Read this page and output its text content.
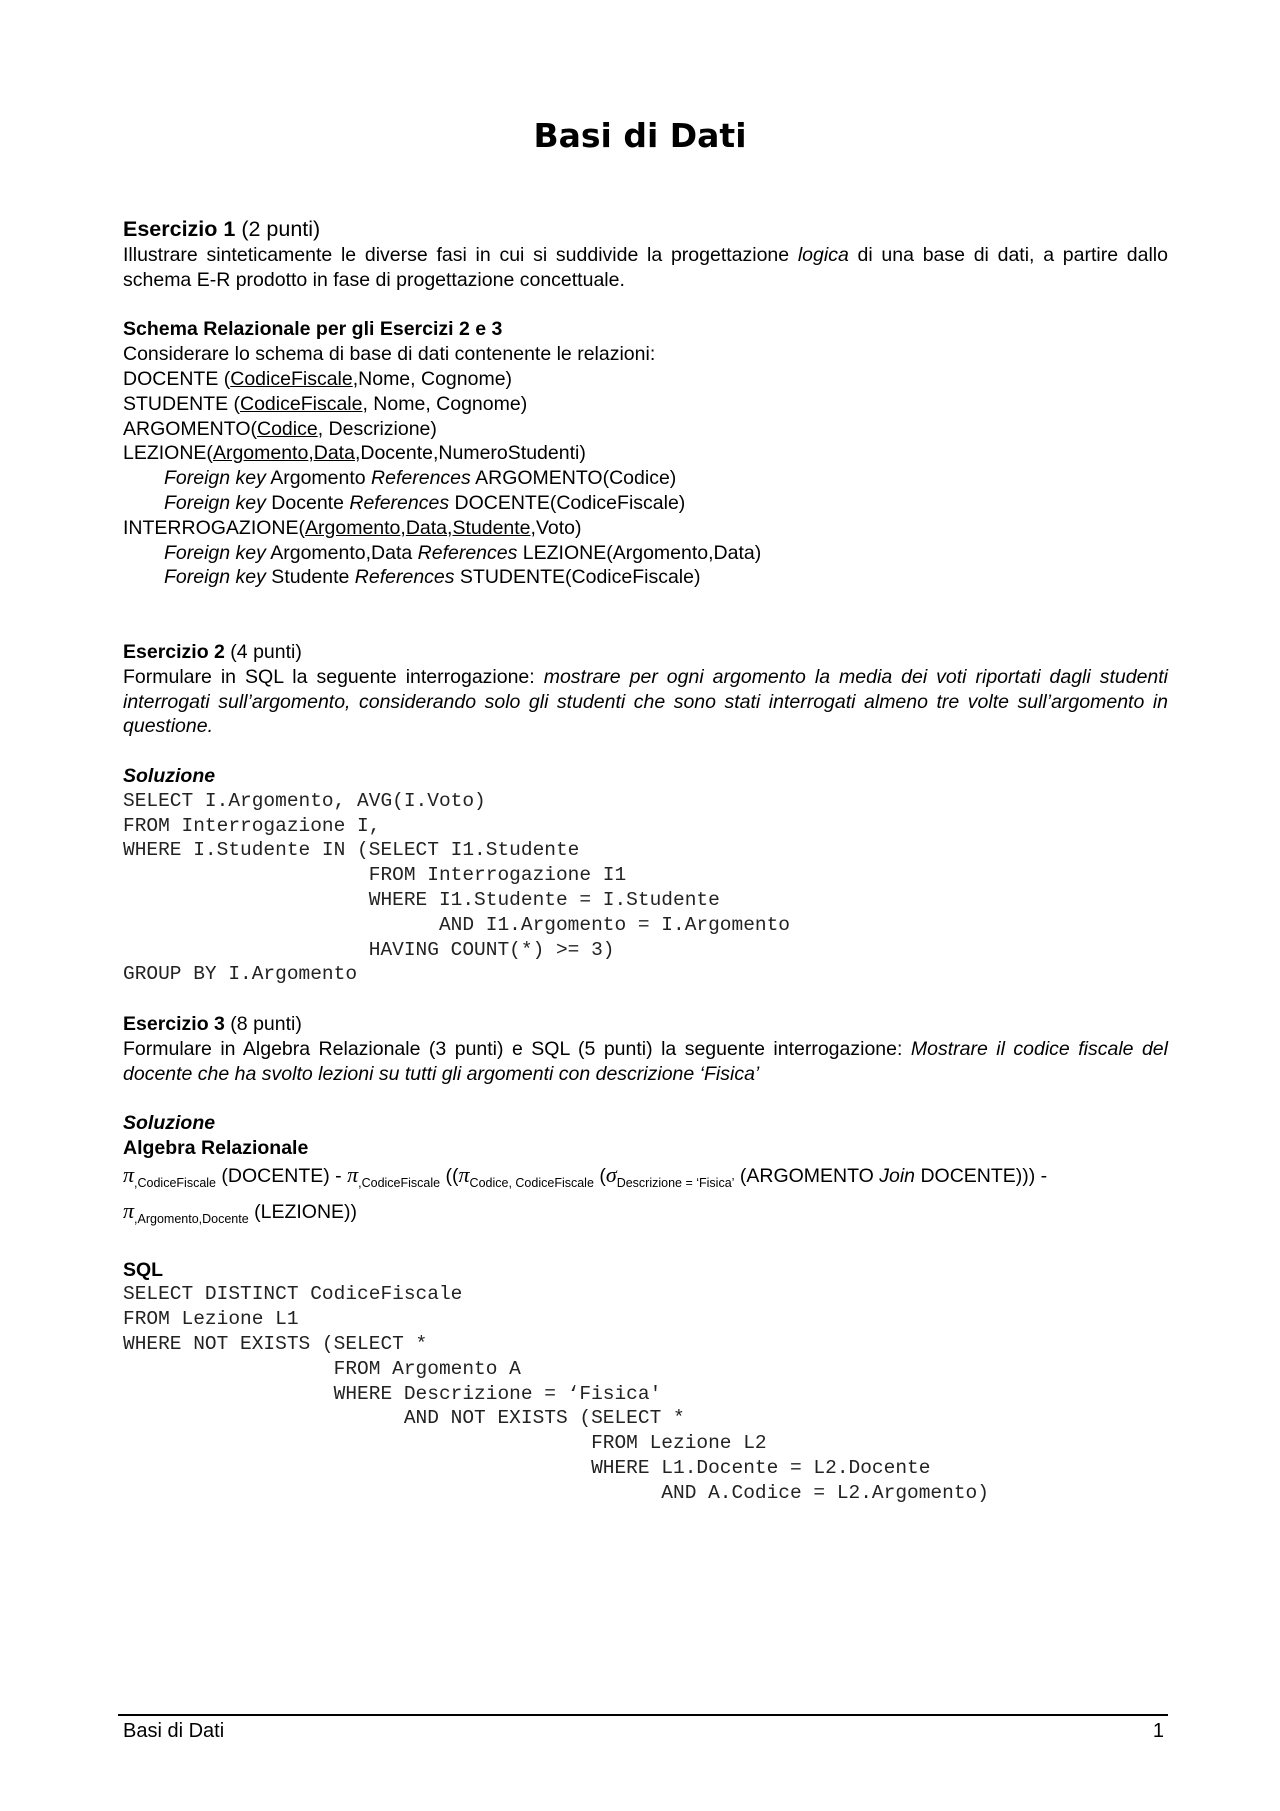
Basi di Dati
Esercizio 1 (2 punti)
Illustrare sinteticamente le diverse fasi in cui si suddivide la progettazione logica di una base di dati, a partire dallo schema E-R prodotto in fase di progettazione concettuale.
Schema Relazionale per gli Esercizi 2 e 3
Considerare lo schema di base di dati contenente le relazioni:
DOCENTE (CodiceFiscale,Nome, Cognome)
STUDENTE (CodiceFiscale, Nome, Cognome)
ARGOMENTO(Codice, Descrizione)
LEZIONE(Argomento,Data,Docente,NumeroStudenti)
Foreign key Argomento References ARGOMENTO(Codice)
Foreign key Docente References DOCENTE(CodiceFiscale)
INTERROGAZIONE(Argomento,Data,Studente,Voto)
Foreign key Argomento,Data References LEZIONE(Argomento,Data)
Foreign key Studente References STUDENTE(CodiceFiscale)
Esercizio 2 (4 punti)
Formulare in SQL la seguente interrogazione: mostrare per ogni argomento la media dei voti riportati dagli studenti interrogati sull’argomento, considerando solo gli studenti che sono stati interrogati almeno tre volte sull’argomento in questione.
Soluzione
SELECT I.Argomento, AVG(I.Voto)
FROM Interrogazione I,
WHERE I.Studente IN (SELECT I1.Studente
FROM Interrogazione I1
WHERE I1.Studente = I.Studente
AND I1.Argomento = I.Argomento
HAVING COUNT(*) >= 3)
GROUP BY I.Argomento
Esercizio 3 (8 punti)
Formulare in Algebra Relazionale (3 punti) e SQL (5 punti) la seguente interrogazione: Mostrare il codice fiscale del docente che ha svolto lezioni su tutti gli argomenti con descrizione ‘Fisica’
Soluzione
Algebra Relazionale
$\pi_{,CodiceFiscale}$ (DOCENTE) - $\pi_{,CodiceFiscale}$ (($\pi_{Codice, CodiceFiscale}$ ($\sigma_{Descrizione = ‘Fisica’}$ (ARGOMENTO Join DOCENTE))) -
$\pi_{,Argomento,Docente}$ (LEZIONE))
SQL
SELECT DISTINCT CodiceFiscale
FROM Lezione L1
WHERE NOT EXISTS (SELECT *
FROM Argomento A
WHERE Descrizione = ‘Fisica'
AND NOT EXISTS (SELECT *
FROM Lezione L2
WHERE L1.Docente = L2.Docente
AND A.Codice = L2.Argomento)
Basi di Dati	1
